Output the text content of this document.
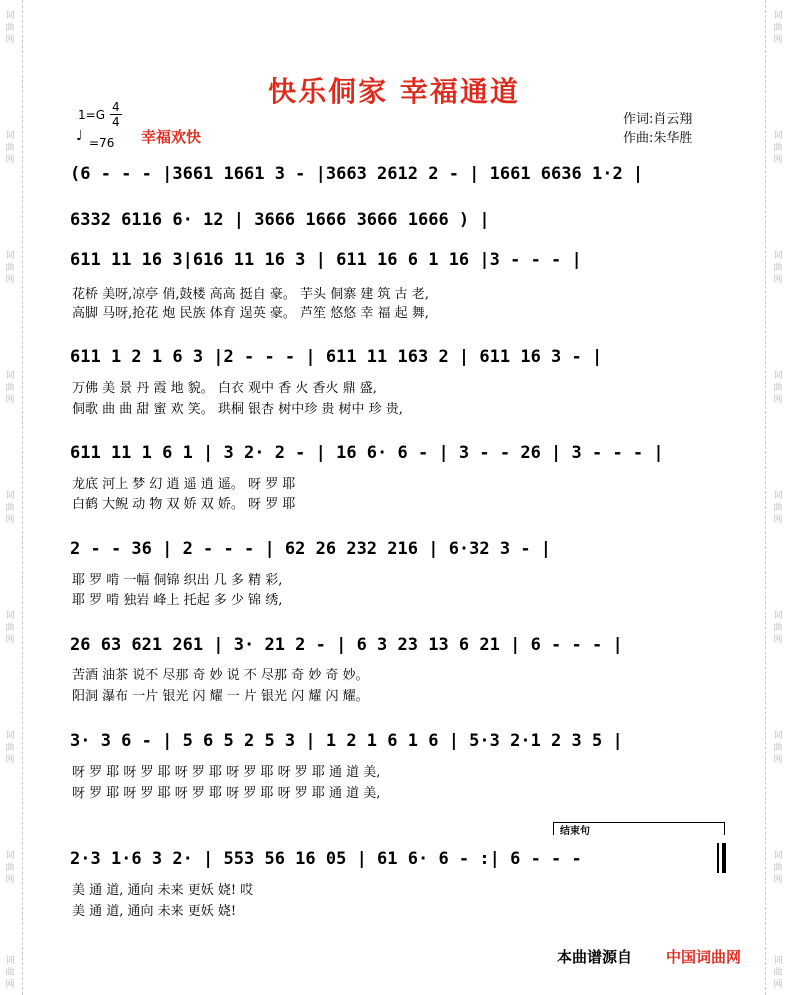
词曲网
词曲网
词曲网
词曲网
词曲网
词曲网
词曲网
词曲网
词曲网
词曲网
词曲网
词曲网
词曲网
词曲网
词曲网
词曲网
词曲网
词曲网
快乐侗家 幸福通道
$1=G \frac{4}{4}$
♩ =76 幸福欢快
作词:肖云翔
作曲:朱华胜
(6 - - - |3661 1661 3 - |3663 2612 2 - | 1661 6636 1·2 |
6332 6116 6· 12 | 3666 1666 3666 1666 ) |
611 11 16 3|616 11 16 3 | 611 16 6 1 16 |3 - - - |
花桥 美呀,凉亭 俏,鼓楼 高高 挺自 豪。 芋头 侗寨 建 筑 古 老,
高脚 马呀,抢花 炮 民族 体育 逞英 豪。 芦笙 悠悠 幸 福 起 舞,
611 1 2 1 6 3 |2 - - - | 611 11 163 2 | 611 16 3 - |
万佛 美 景 丹 霞 地 貌。 白衣 观中 香 火 香火 鼎 盛,
侗歌 曲 曲 甜 蜜 欢 笑。 珙桐 银杏 树中珍 贵 树中 珍 贵,
611 11 1 6 1 | 3 2· 2 - | 16 6· 6 - | 3 - - 26 | 3 - - - |
龙底 河上 梦 幻 逍 遥 逍 遥。 呀 罗 耶
白鹤 大鲵 动 物 双 娇 双 娇。 呀 罗 耶
2 - - 36 | 2 - - - | 62 26 232 216 | 6·32 3 - |
耶 罗 啃 一幅 侗锦 织出 几 多 精 彩,
耶 罗 啃 独岩 峰上 托起 多 少 锦 绣,
26 63 621 261 | 3· 21 2 - | 6 3 23 13 6 21 | 6 - - - |
苦酒 油茶 说不 尽那 奇 妙 说 不 尽那 奇 妙 奇 妙。
阳洞 瀑布 一片 银光 闪 耀 一 片 银光 闪 耀 闪 耀。
3· 3 6 - | 5 6 5 2 5 3 | 1 2 1 6 1 6 | 5·3 2·1 2 3 5 |
呀 罗 耶 呀 罗 耶 呀 罗 耶 呀 罗 耶 呀 罗 耶 通 道 美,
呀 罗 耶 呀 罗 耶 呀 罗 耶 呀 罗 耶 呀 罗 耶 通 道 美,
结束句
2·3 1·6 3 2· | 553 56 16 05 | 61 6· 6 - :| 6 - - -
美 通 道, 通向 未来 更妖 娆! 哎
美 通 道, 通向 未来 更妖 娆!
本曲谱源自 中国词曲网
